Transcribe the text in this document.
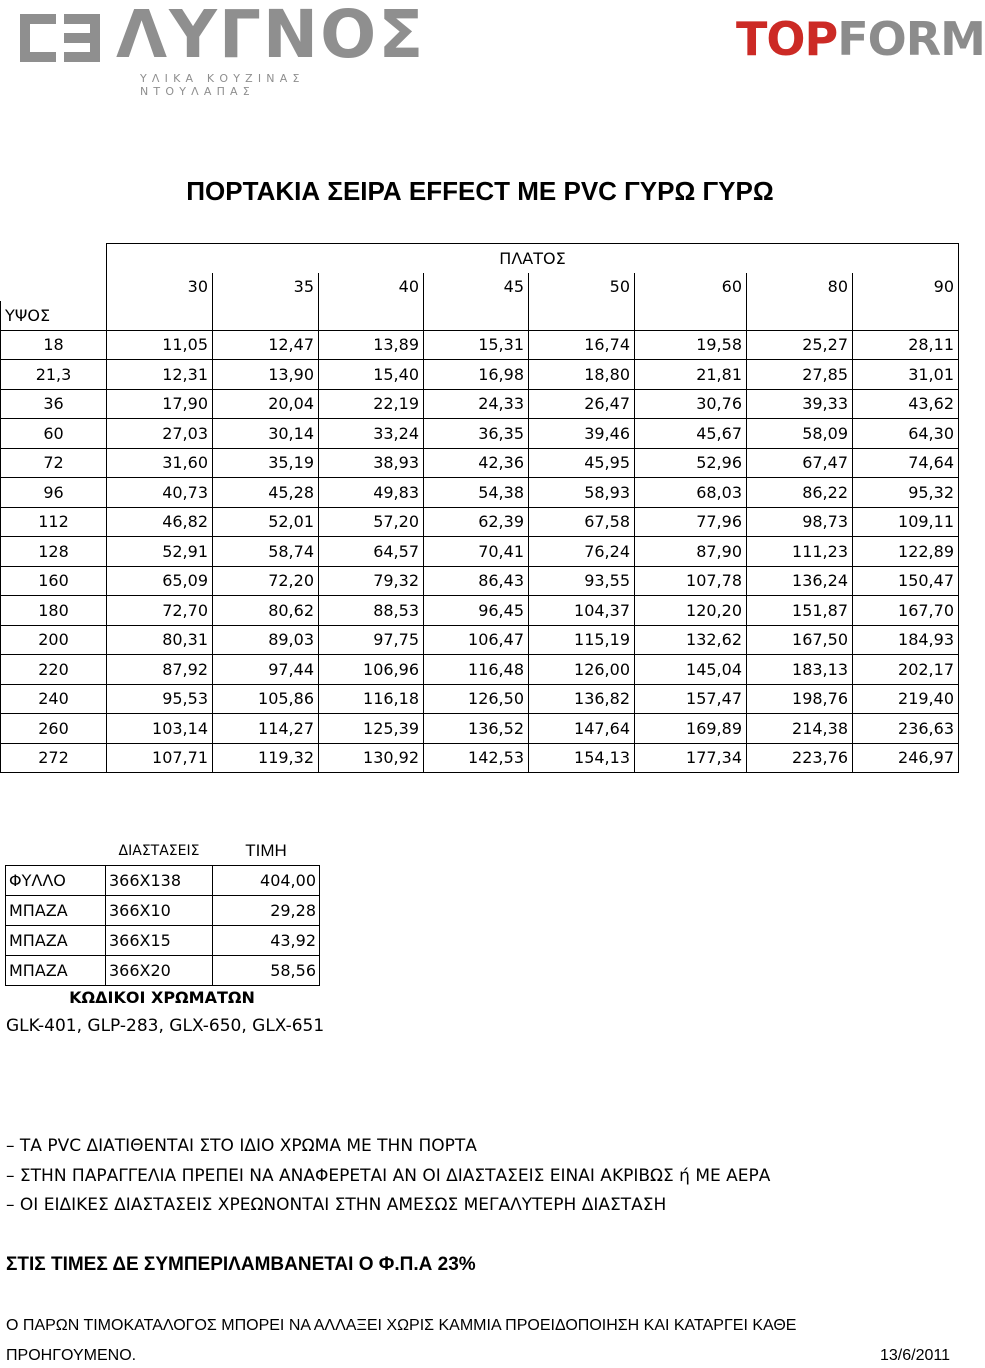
ΛΥΓΝΟΣ
ΥΛΙΚΑ ΚΟΥΖΙΝΑΣ ΝΤΟΥΛΑΠΑΣ
TOPFORM
ΠΟΡΤΑΚΙΑ ΣΕΙΡΑ EFFECT ΜΕ PVC ΓΥΡΩ ΓΥΡΩ
	ΠΛΑΤΟΣ							
	30	35	40	45	50	60	80	90
ΥΨΟΣ								
18	11,05	12,47	13,89	15,31	16,74	19,58	25,27	28,11
21,3	12,31	13,90	15,40	16,98	18,80	21,81	27,85	31,01
36	17,90	20,04	22,19	24,33	26,47	30,76	39,33	43,62
60	27,03	30,14	33,24	36,35	39,46	45,67	58,09	64,30
72	31,60	35,19	38,93	42,36	45,95	52,96	67,47	74,64
96	40,73	45,28	49,83	54,38	58,93	68,03	86,22	95,32
112	46,82	52,01	57,20	62,39	67,58	77,96	98,73	109,11
128	52,91	58,74	64,57	70,41	76,24	87,90	111,23	122,89
160	65,09	72,20	79,32	86,43	93,55	107,78	136,24	150,47
180	72,70	80,62	88,53	96,45	104,37	120,20	151,87	167,70
200	80,31	89,03	97,75	106,47	115,19	132,62	167,50	184,93
220	87,92	97,44	106,96	116,48	126,00	145,04	183,13	202,17
240	95,53	105,86	116,18	126,50	136,82	157,47	198,76	219,40
260	103,14	114,27	125,39	136,52	147,64	169,89	214,38	236,63
272	107,71	119,32	130,92	142,53	154,13	177,34	223,76	246,97
	ΔΙΑΣΤΑΣΕΙΣ	ΤΙΜΗ
ΦΥΛΛΟ	366Χ138	404,00
ΜΠΑΖΑ	366Χ10	29,28
ΜΠΑΖΑ	366Χ15	43,92
ΜΠΑΖΑ	366Χ20	58,56
ΚΩΔΙΚΟΙ ΧΡΩΜΑΤΩΝ
GLK-401, GLP-283, GLX-650, GLX-651
– ΤΑ PVC ΔΙΑΤΙΘΕΝΤΑΙ ΣΤΟ ΙΔΙΟ ΧΡΩΜΑ ΜΕ ΤΗΝ ΠΟΡΤΑ
– ΣΤΗΝ ΠΑΡΑΓΓΕΛΙΑ ΠΡΕΠΕΙ ΝΑ ΑΝΑΦΕΡΕΤΑΙ ΑΝ ΟΙ ΔΙΑΣΤΑΣΕΙΣ ΕΙΝΑΙ ΑΚΡΙΒΩΣ ή ΜΕ ΑΕΡΑ
– ΟΙ ΕΙΔΙΚΕΣ ΔΙΑΣΤΑΣΕΙΣ ΧΡΕΩΝΟΝΤΑΙ ΣΤΗΝ ΑΜΕΣΩΣ ΜΕΓΑΛΥΤΕΡΗ ΔΙΑΣΤΑΣΗ
ΣΤΙΣ ΤΙΜΕΣ ΔΕ ΣΥΜΠΕΡΙΛΑΜΒΑΝΕΤΑΙ Ο Φ.Π.Α 23%
Ο ΠΑΡΩΝ ΤΙΜΟΚΑΤΑΛΟΓΟΣ ΜΠΟΡΕΙ ΝΑ ΑΛΛΑΞΕΙ ΧΩΡΙΣ ΚΑΜΜΙΑ ΠΡΟΕΙΔΟΠΟΙΗΣΗ ΚΑΙ ΚΑΤΑΡΓΕΙ ΚΑΘΕ
ΠΡΟΗΓΟΥΜΕΝΟ.	13/6/2011
